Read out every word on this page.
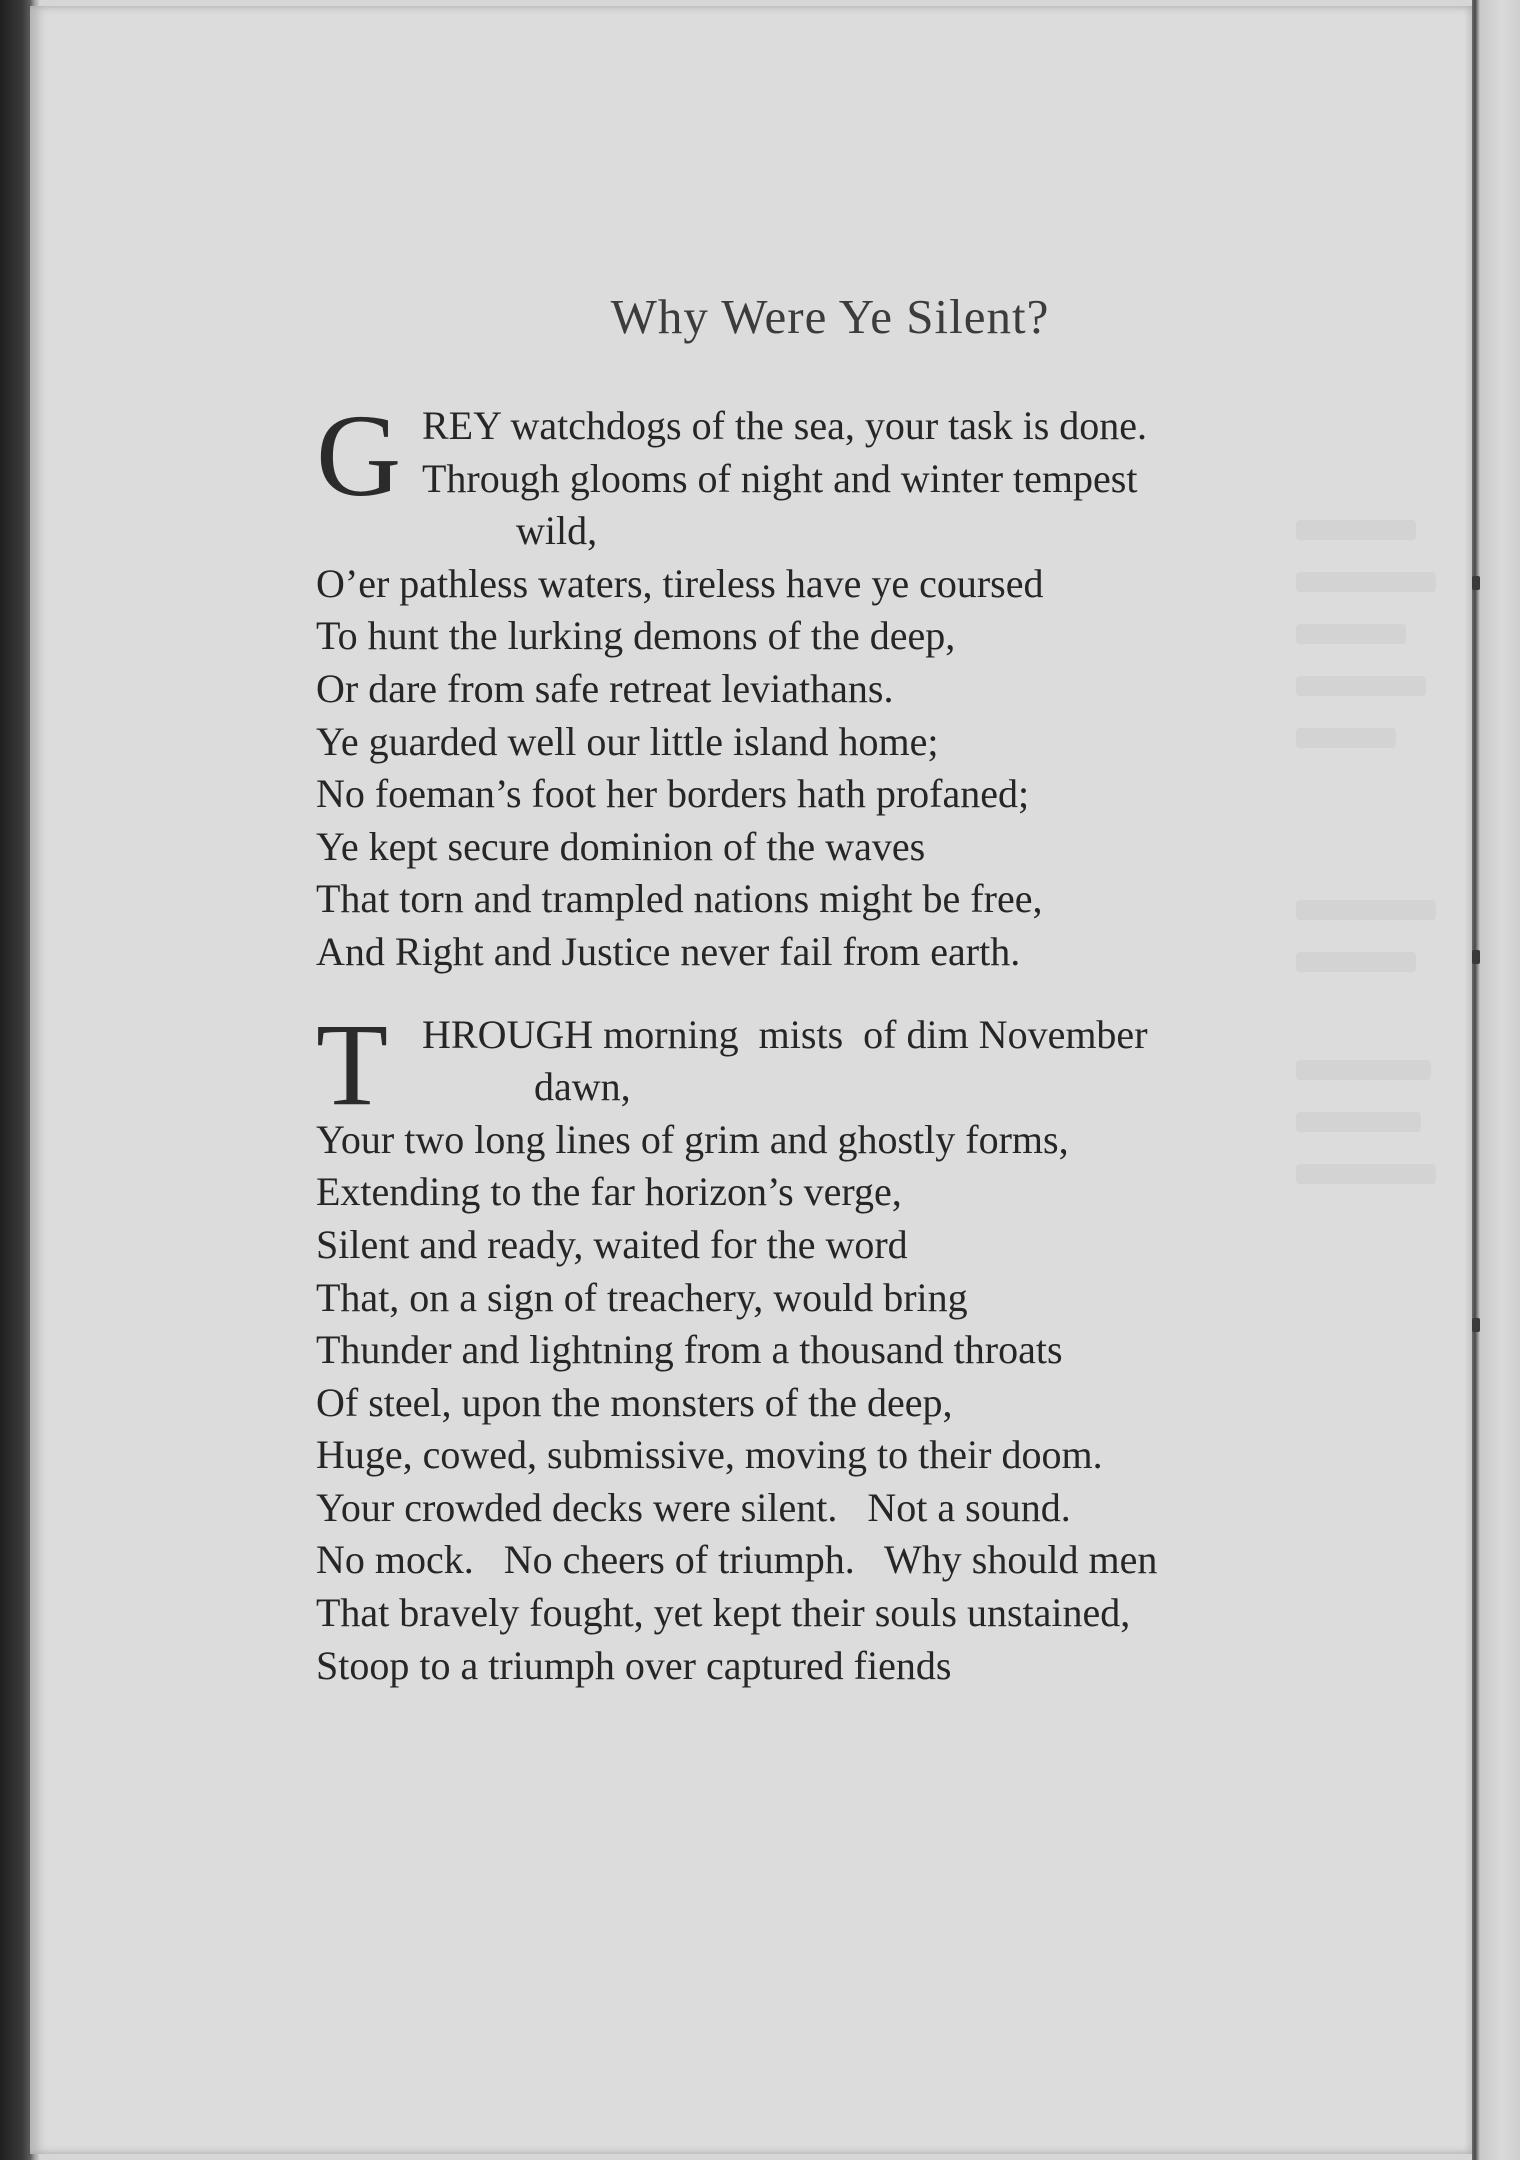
Why Were Ye Silent?
G REY watchdogs of the sea, your task is done.
Through glooms of night and winter tempest
wild,
O’er pathless waters, tireless have ye coursed
To hunt the lurking demons of the deep,
Or dare from safe retreat leviathans.
Ye guarded well our little island home;
No foeman’s foot her borders hath profaned;
Ye kept secure dominion of the waves
That torn and trampled nations might be free,
And Right and Justice never fail from earth.
T HROUGH morning  mists  of dim November
dawn,
Your two long lines of grim and ghostly forms,
Extending to the far horizon’s verge,
Silent and ready, waited for the word
That, on a sign of treachery, would bring
Thunder and lightning from a thousand throats
Of steel, upon the monsters of the deep,
Huge, cowed, submissive, moving to their doom.
Your crowded decks were silent.   Not a sound.
No mock.   No cheers of triumph.   Why should men
That bravely fought, yet kept their souls unstained,
Stoop to a triumph over captured fiends
